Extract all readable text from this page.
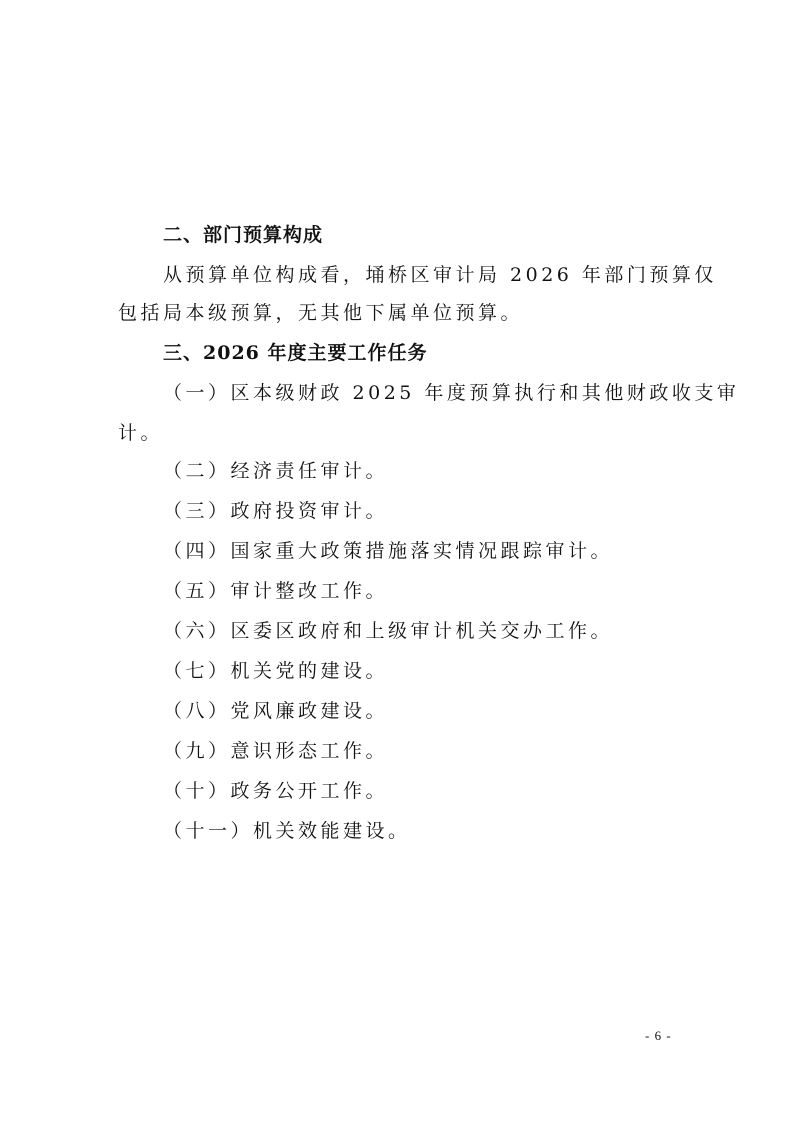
二、部门预算构成
从预算单位构成看，埇桥区审计局 2026 年部门预算仅
包括局本级预算，无其他下属单位预算。
三、2026 年度主要工作任务
（一）区本级财政 2025 年度预算执行和其他财政收支审
计。
（二）经济责任审计。
（三）政府投资审计。
（四）国家重大政策措施落实情况跟踪审计。
（五）审计整改工作。
（六）区委区政府和上级审计机关交办工作。
（七）机关党的建设。
（八）党风廉政建设。
（九）意识形态工作。
（十）政务公开工作。
（十一）机关效能建设。
- 6 -
